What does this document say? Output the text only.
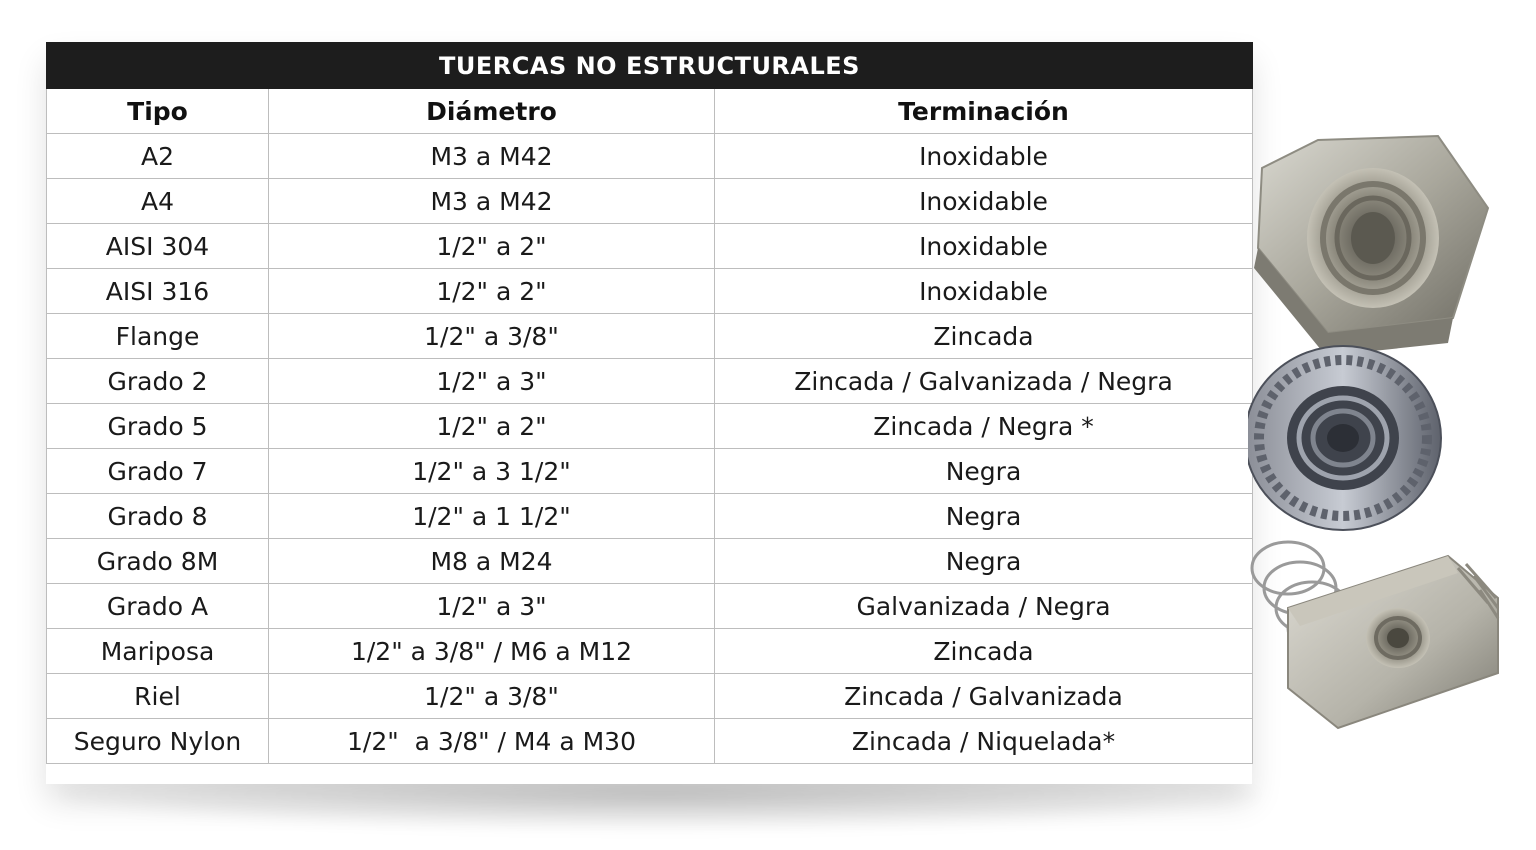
TUERCAS NO ESTRUCTURALES		
Tipo	Diámetro	Terminación
A2	M3 a M42	Inoxidable
A4	M3 a M42	Inoxidable
AISI 304	1/2" a 2"	Inoxidable
AISI 316	1/2" a 2"	Inoxidable
Flange	1/2" a 3/8"	Zincada
Grado 2	1/2" a 3"	Zincada / Galvanizada / Negra
Grado 5	1/2" a 2"	Zincada / Negra *
Grado 7	1/2" a 3 1/2"	Negra
Grado 8	1/2" a 1 1/2"	Negra
Grado 8M	M8 a M24	Negra
Grado A	1/2" a 3"	Galvanizada / Negra
Mariposa	1/2" a 3/8" / M6 a M12	Zincada
Riel	1/2" a 3/8"	Zincada / Galvanizada
Seguro Nylon	1/2"  a 3/8" / M4 a M30	Zincada / Niquelada*
